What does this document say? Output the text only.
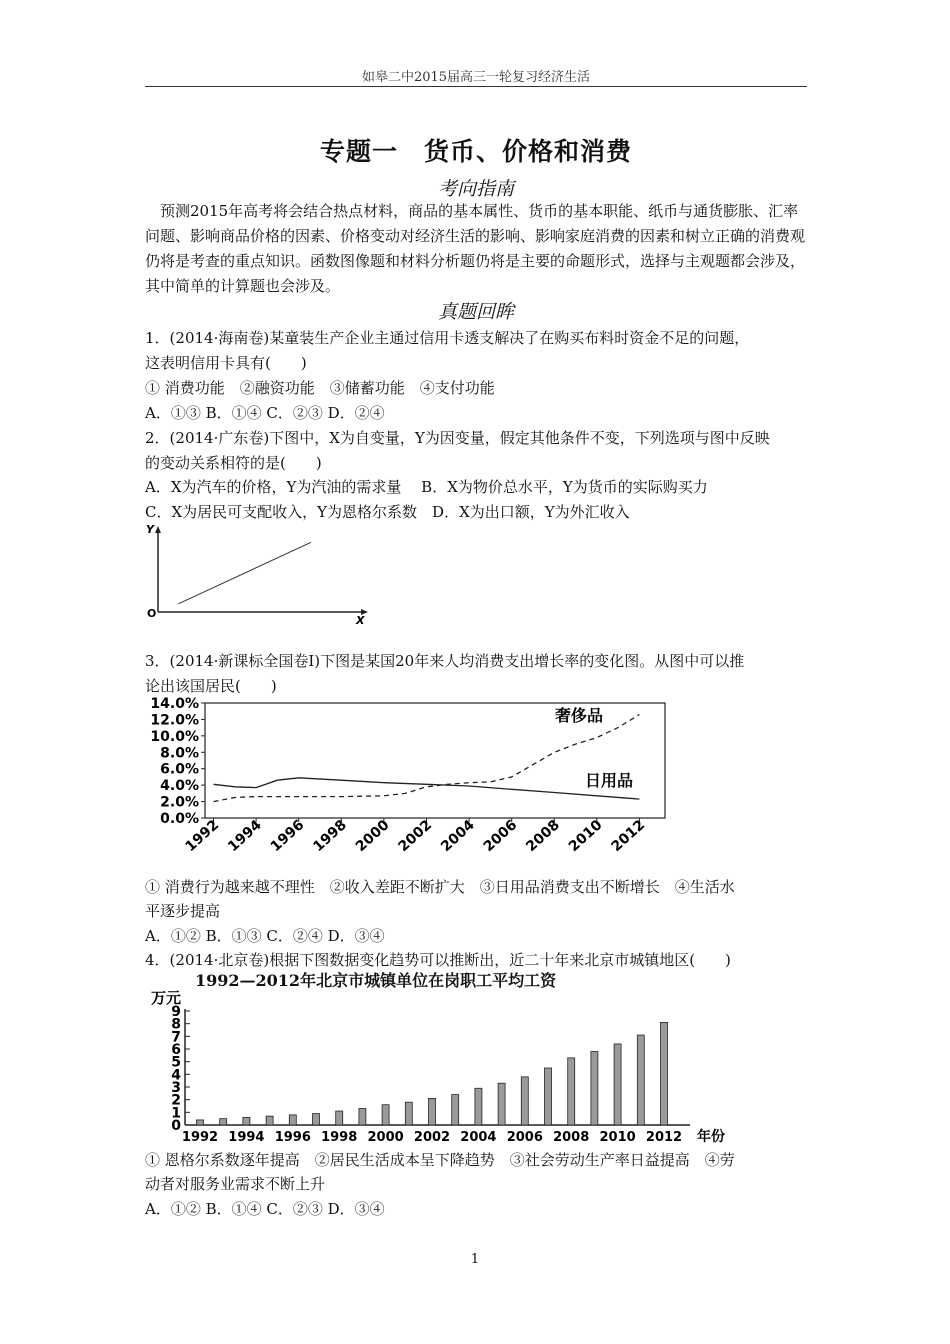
如皋二中2015届高三一轮复习经济生活
专题一　货币、价格和消费
考向指南
　预测2015年高考将会结合热点材料，商品的基本属性、货币的基本职能、纸币与通货膨胀、汇率问题、影响商品价格的因素、价格变动对经济生活的影响、影响家庭消费的因素和树立正确的消费观仍将是考查的重点知识。函数图像题和材料分析题仍将是主要的命题形式，选择与主观题都会涉及，其中简单的计算题也会涉及。
真题回眸
1．(2014·海南卷)某童装生产企业主通过信用卡透支解决了在购买布料时资金不足的问题，
这表明信用卡具有(　　)
① 消费功能　②融资功能　③储蓄功能　④支付功能
A．①③ B．①④ C．②③ D．②④
2．(2014·广东卷)下图中，X为自变量，Y为因变量，假定其他条件不变，下列选项与图中反映
的变动关系相符的是(　　)
A．X为汽车的价格，Y为汽油的需求量　 B．X为物价总水平，Y为货币的实际购买力
C．X为居民可支配收入，Y为恩格尔系数　D．X为出口额，Y为外汇收入
Y
O
X
3．(2014·新课标全国卷Ⅰ)下图是某国20年来人均消费支出增长率的变化图。从图中可以推
论出该国居民(　　)
0.0%
2.0%
4.0%
6.0%
8.0%
10.0%
12.0%
14.0%
1992 1994 1996 1998 2000 2002 2004 2006 2008 2010 2012
奢侈品
日用品
① 消费行为越来越不理性　②收入差距不断扩大　③日用品消费支出不断增长　④生活水
平逐步提高
A．①② B．①③ C．②④ D．③④
4．(2014·北京卷)根据下图数据变化趋势可以推断出，近二十年来北京市城镇地区(　　)
1992—2012年北京市城镇单位在岗职工平均工资
万元
0
1
2
3
4
5
6
7
8
9
1992 1994 1996 1998 2000 2002 2004 2006 2008 2010 2012 年份
① 恩格尔系数逐年提高　②居民生活成本呈下降趋势　③社会劳动生产率日益提高　④劳
动者对服务业需求不断上升
A．①② B．①④ C．②③ D．③④
1
